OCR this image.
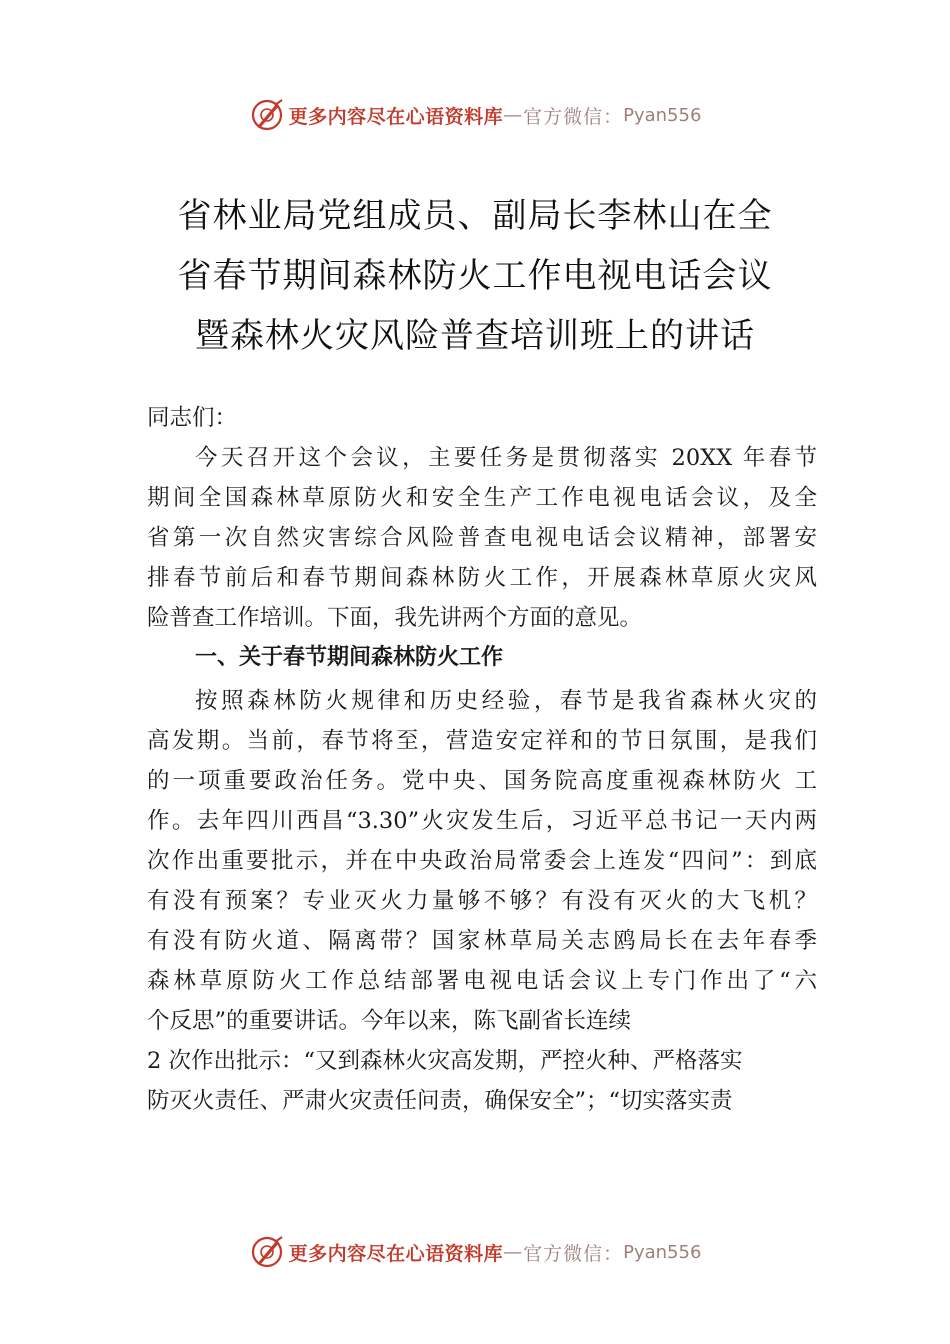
更多内容尽在心语资料库 — 官方微信： Pyan556
省林业局党组成员、副局长李林山在全
省春节期间森林防火工作电视电话会议
暨森林火灾风险普查培训班上的讲话
同志们：
今天召开这个会议，主要任务是贯彻落实 20XX 年春节
期间全国森林草原防火和安全生产工作电视电话会议，及全
省第一次自然灾害综合风险普查电视电话会议精神，部署安
排春节前后和春节期间森林防火工作，开展森林草原火灾风
险普查工作培训。下面，我先讲两个方面的意见。
一、关于春节期间森林防火工作
按照森林防火规律和历史经验，春节是我省森林火灾的
高发期。当前，春节将至，营造安定祥和的节日氛围，是我们
的一项重要政治任务。党中央、国务院高度重视森林防火 工
作。去年四川西昌“3.30”火灾发生后，习近平总书记一天内两
次作出重要批示，并在中央政治局常委会上连发“四问”：到底
有没有预案？专业灭火力量够不够？有没有灭火的大飞机？
有没有防火道、隔离带？国家林草局关志鸥局长在去年春季
森林草原防火工作总结部署电视电话会议上专门作出了“六
个反思”的重要讲话。今年以来，陈飞副省长连续
2 次作出批示：“又到森林火灾高发期，严控火种、严格落实
防灭火责任、严肃火灾责任问责，确保安全”；“切实落实责
更多内容尽在心语资料库 — 官方微信： Pyan556
